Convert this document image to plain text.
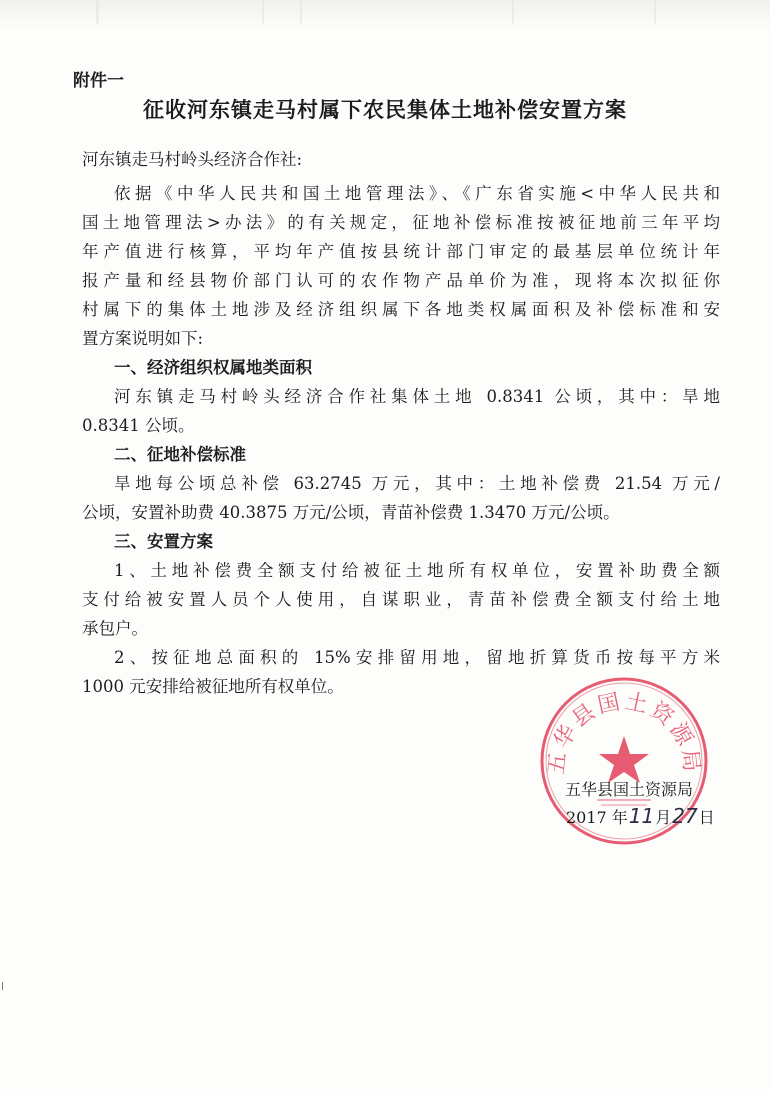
附件一
征收河东镇走马村属下农民集体土地补偿安置方案
河东镇走马村岭头经济合作社:
依据《中华人民共和国土地管理法》、《广东省实施<中华人民共和
国土地管理法>办法》的有关规定，征地补偿标准按被征地前三年平均
年产值进行核算，平均年产值按县统计部门审定的最基层单位统计年
报产量和经县物价部门认可的农作物产品单价为准，现将本次拟征你
村属下的集体土地涉及经济组织属下各地类权属面积及补偿标准和安
置方案说明如下:
一、经济组织权属地类面积
河东镇走马村岭头经济合作社集体土地 0.8341 公顷，其中：旱地
0.8341 公顷。
二、征地补偿标准
旱地每公顷总补偿 63.2745 万元，其中：土地补偿费 21.54 万元/
公顷，安置补助费 40.3875 万元/公顷，青苗补偿费 1.3470 万元/公顷。
三、安置方案
1、土地补偿费全额支付给被征土地所有权单位，安置补助费全额
支付给被安置人员个人使用，自谋职业，青苗补偿费全额支付给土地
承包户。
2、按征地总面积的 15%安排留用地，留地折算货币按每平方米
1000 元安排给被征地所有权单位。
五华县国土资源局
五华县国土资源局
2017 年11月27日
